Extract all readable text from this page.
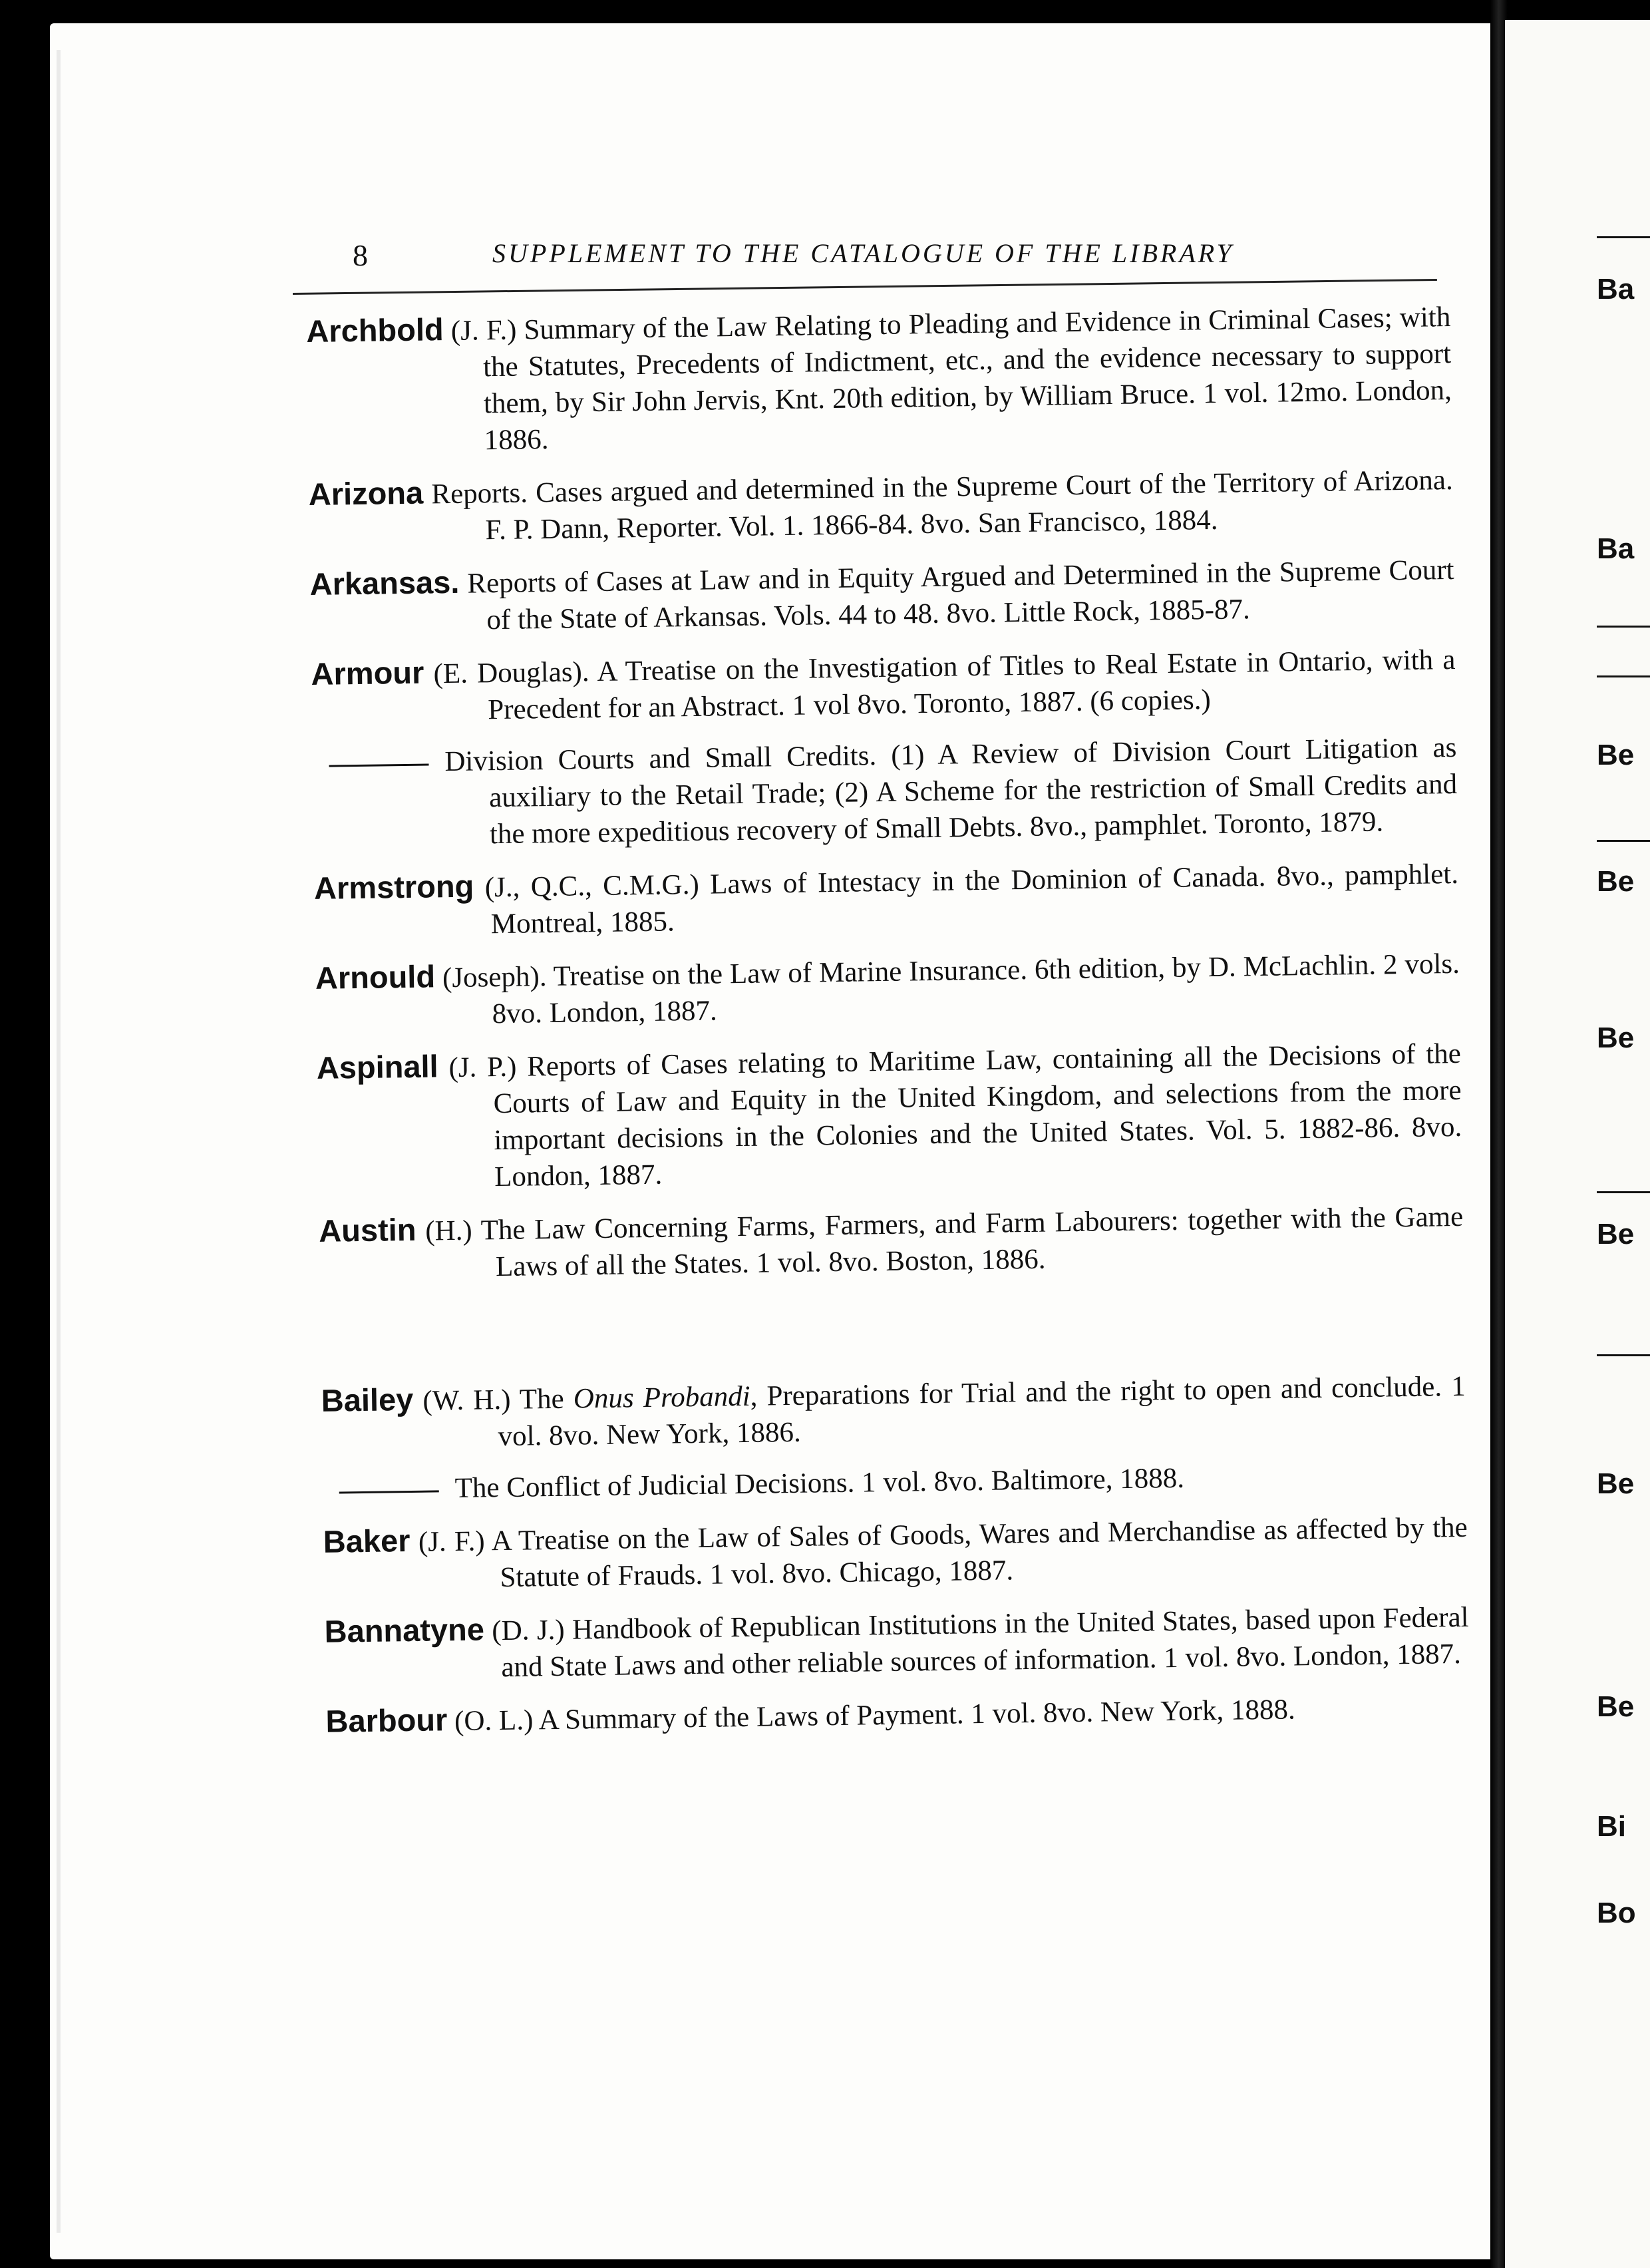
8	SUPPLEMENT TO THE CATALOGUE OF THE LIBRARY

Archbold (J. F.) Summary of the Law Relating to Pleading and Evidence in Criminal Cases; with the Statutes, Precedents of Indictment, etc., and the evidence necessary to support them, by Sir John Jervis, Knt. 20th edition, by William Bruce. 1 vol. 12mo. London, 1886.

Arizona Reports. Cases argued and determined in the Supreme Court of the Territory of Arizona. F. P. Dann, Reporter. Vol. 1. 1866-84. 8vo. San Francisco, 1884.

Arkansas. Reports of Cases at Law and in Equity Argued and Determined in the Supreme Court of the State of Arkansas. Vols. 44 to 48. 8vo. Little Rock, 1885-87.

Armour (E. Douglas). A Treatise on the Investigation of Titles to Real Estate in Ontario, with a Precedent for an Abstract. 1 vol 8vo. Toronto, 1887. (6 copies.)

Division Courts and Small Credits. (1) A Review of Division Court Litigation as auxiliary to the Retail Trade; (2) A Scheme for the restriction of Small Credits and the more expeditious recovery of Small Debts. 8vo., pamphlet. Toronto, 1879.

Armstrong (J., Q.C., C.M.G.) Laws of Intestacy in the Dominion of Canada. 8vo., pamphlet. Montreal, 1885.

Arnould (Joseph). Treatise on the Law of Marine Insurance. 6th edition, by D. McLachlin. 2 vols. 8vo. London, 1887.

Aspinall (J. P.) Reports of Cases relating to Maritime Law, containing all the Decisions of the Courts of Law and Equity in the United Kingdom, and selections from the more important decisions in the Colonies and the United States. Vol. 5. 1882-86. 8vo. London, 1887.

Austin (H.) The Law Concerning Farms, Farmers, and Farm Labourers: together with the Game Laws of all the States. 1 vol. 8vo. Boston, 1886.

Bailey (W. H.) The Onus Probandi, Preparations for Trial and the right to open and conclude. 1 vol. 8vo. New York, 1886.

The Conflict of Judicial Decisions. 1 vol. 8vo. Baltimore, 1888.

Baker (J. F.) A Treatise on the Law of Sales of Goods, Wares and Merchandise as affected by the Statute of Frauds. 1 vol. 8vo. Chicago, 1887.

Bannatyne (D. J.) Handbook of Republican Institutions in the United States, based upon Federal and State Laws and other reliable sources of information. 1 vol. 8vo. London, 1887.

Barbour (O. L.) A Summary of the Laws of Payment. 1 vol. 8vo. New York, 1888.

Ba
Ba
Be
Be
Be
Be
Be
Be
Bi
Bo
